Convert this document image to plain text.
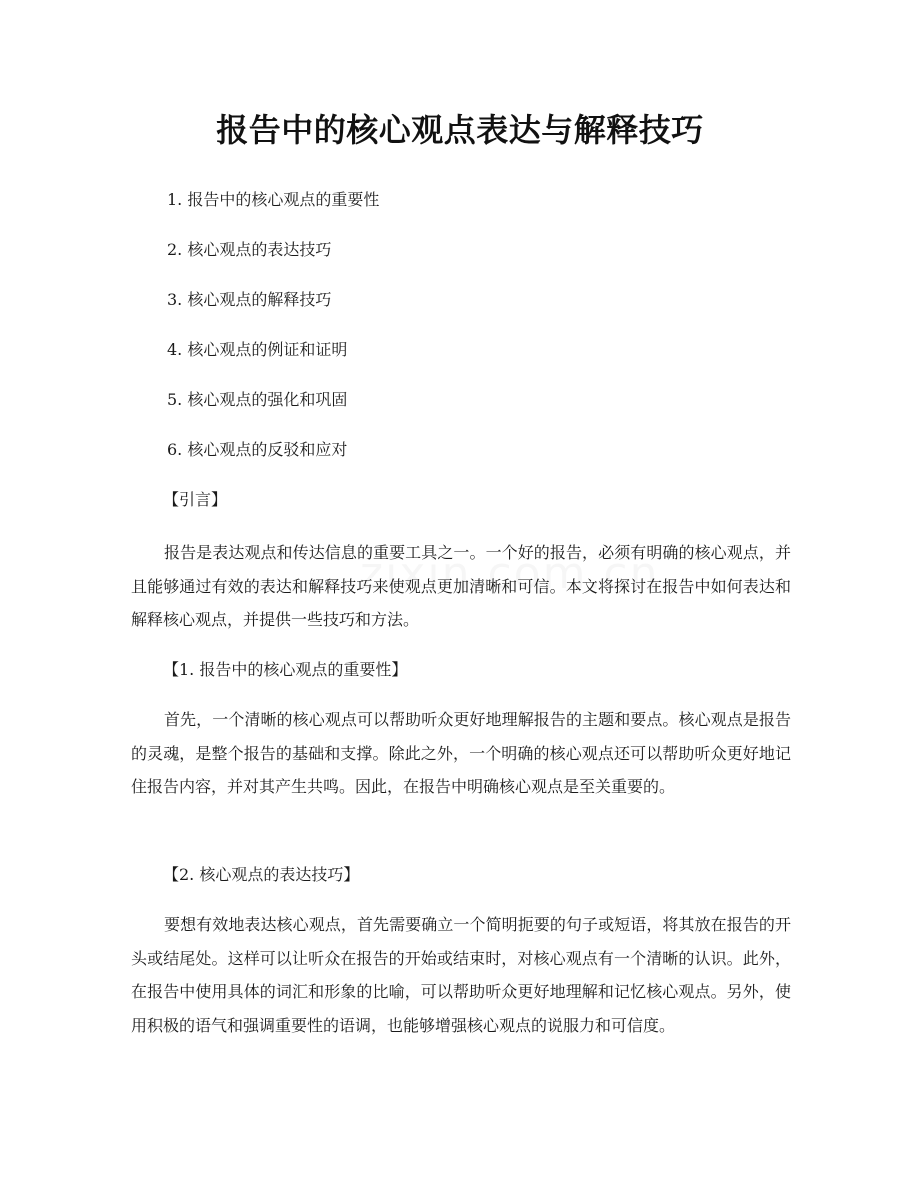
报告中的核心观点表达与解释技巧
1. 报告中的核心观点的重要性
2. 核心观点的表达技巧
3. 核心观点的解释技巧
4. 核心观点的例证和证明
5. 核心观点的强化和巩固
6. 核心观点的反驳和应对

【引言】

报告是表达观点和传达信息的重要工具之一。一个好的报告，必须有明确的核心观点，并且能够通过有效的表达和解释技巧来使观点更加清晰和可信。本文将探讨在报告中如何表达和解释核心观点，并提供一些技巧和方法。

【1. 报告中的核心观点的重要性】

首先，一个清晰的核心观点可以帮助听众更好地理解报告的主题和要点。核心观点是报告的灵魂，是整个报告的基础和支撑。除此之外，一个明确的核心观点还可以帮助听众更好地记住报告内容，并对其产生共鸣。因此，在报告中明确核心观点是至关重要的。

【2. 核心观点的表达技巧】

要想有效地表达核心观点，首先需要确立一个简明扼要的句子或短语，将其放在报告的开头或结尾处。这样可以让听众在报告的开始或结束时，对核心观点有一个清晰的认识。此外，在报告中使用具体的词汇和形象的比喻，可以帮助听众更好地理解和记忆核心观点。另外，使用积极的语气和强调重要性的语调，也能够增强核心观点的说服力和可信度。
